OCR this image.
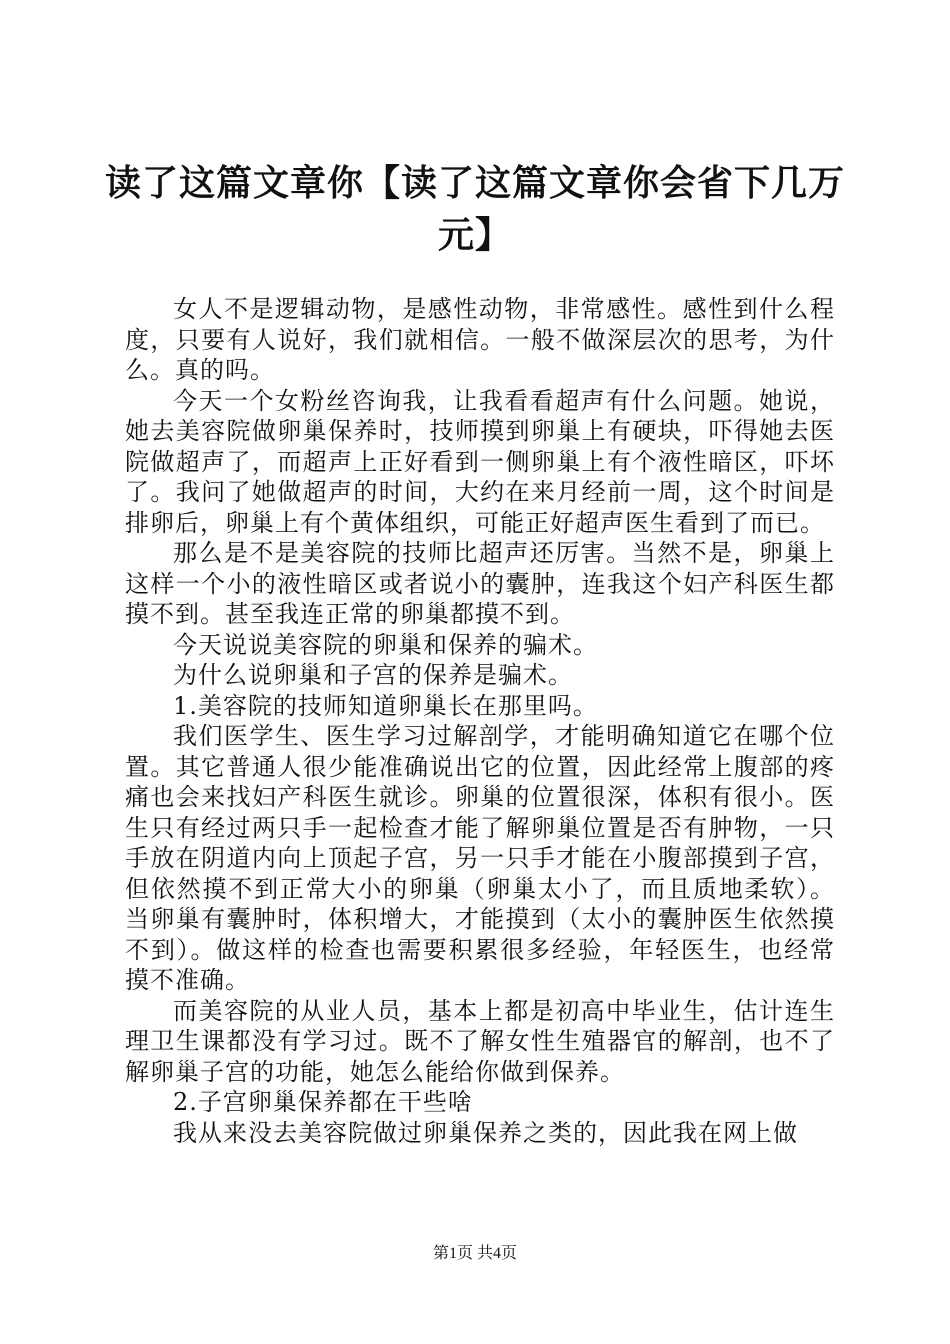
读了这篇文章你【读了这篇文章你会省下几万元】

女人不是逻辑动物，是感性动物，非常感性。感性到什么程度，只要有人说好，我们就相信。一般不做深层次的思考，为什么。真的吗。

今天一个女粉丝咨询我，让我看看超声有什么问题。她说，她去美容院做卵巢保养时，技师摸到卵巢上有硬块，吓得她去医院做超声了，而超声上正好看到一侧卵巢上有个液性暗区，吓坏了。我问了她做超声的时间，大约在来月经前一周，这个时间是排卵后，卵巢上有个黄体组织，可能正好超声医生看到了而已。

那么是不是美容院的技师比超声还厉害。当然不是，卵巢上这样一个小的液性暗区或者说小的囊肿，连我这个妇产科医生都摸不到。甚至我连正常的卵巢都摸不到。

今天说说美容院的卵巢和保养的骗术。

为什么说卵巢和子宫的保养是骗术。

1.美容院的技师知道卵巢长在那里吗。

我们医学生、医生学习过解剖学，才能明确知道它在哪个位置。其它普通人很少能准确说出它的位置，因此经常上腹部的疼痛也会来找妇产科医生就诊。卵巢的位置很深，体积有很小。医生只有经过两只手一起检查才能了解卵巢位置是否有肿物，一只手放在阴道内向上顶起子宫，另一只手才能在小腹部摸到子宫，但依然摸不到正常大小的卵巢（卵巢太小了，而且质地柔软）。当卵巢有囊肿时，体积增大，才能摸到（太小的囊肿医生依然摸不到）。做这样的检查也需要积累很多经验，年轻医生，也经常摸不准确。

而美容院的从业人员，基本上都是初高中毕业生，估计连生理卫生课都没有学习过。既不了解女性生殖器官的解剖，也不了解卵巢子宫的功能，她怎么能给你做到保养。

2.子宫卵巢保养都在干些啥

我从来没去美容院做过卵巢保养之类的，因此我在网上做

第1页 共4页
